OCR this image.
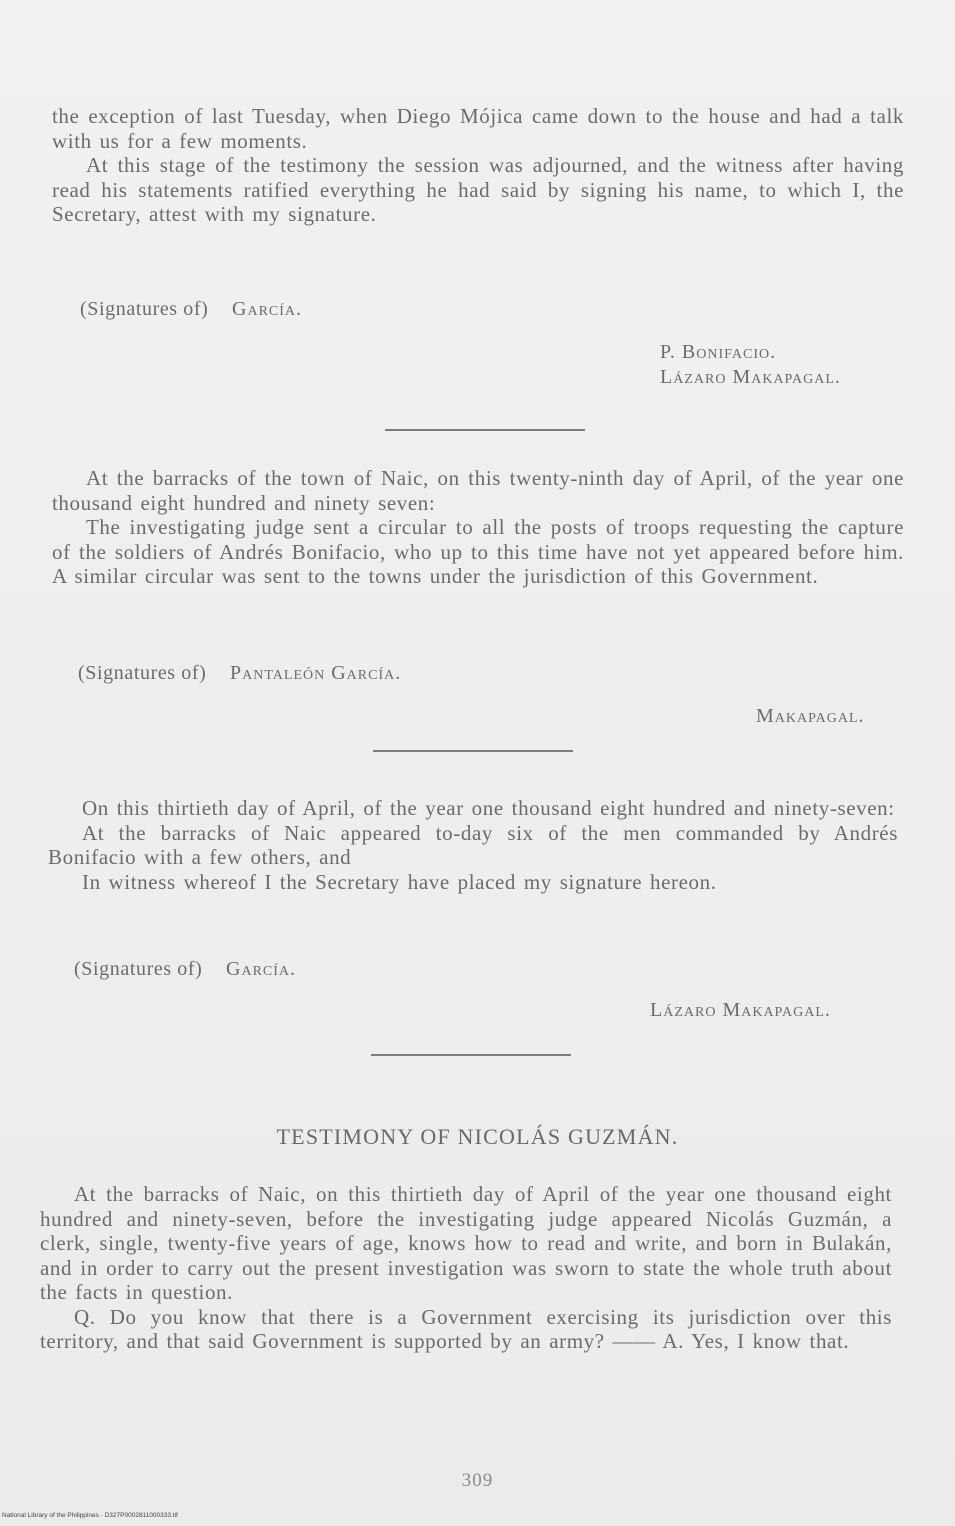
the exception of last Tuesday, when Diego Mójica came down to the house and had a talk with us for a few moments.

At this stage of the testimony the session was adjourned, and the witness after having read his statements ratified everything he had said by signing his name, to which I, the Secretary, attest with my signature.

(Signatures of) García.
P. Bonifacio.
Lázaro Makapagal.

At the barracks of the town of Naic, on this twenty-ninth day of April, of the year one thousand eight hundred and ninety seven:

The investigating judge sent a circular to all the posts of troops requesting the capture of the soldiers of Andrés Bonifacio, who up to this time have not yet appeared before him. A similar circular was sent to the towns under the jurisdiction of this Government.

(Signatures of) Pantaleón García.
Makapagal.

On this thirtieth day of April, of the year one thousand eight hundred and ninety-seven:

At the barracks of Naic appeared to-day six of the men commanded by Andrés Bonifacio with a few others, and

In witness whereof I the Secretary have placed my signature hereon.

(Signatures of) García.
Lázaro Makapagal.
TESTIMONY OF NICOLÁS GUZMÁN.

At the barracks of Naic, on this thirtieth day of April of the year one thousand eight hundred and ninety-seven, before the investigating judge appeared Nicolás Guzmán, a clerk, single, twenty-five years of age, knows how to read and write, and born in Bulakán, and in order to carry out the present investigation was sworn to state the whole truth about the facts in question.

Q. Do you know that there is a Government exercising its jurisdiction over this territory, and that said Government is supported by an army? —— A. Yes, I know that.

309
National Library of the Philippines · D327P0002811000333.tif
